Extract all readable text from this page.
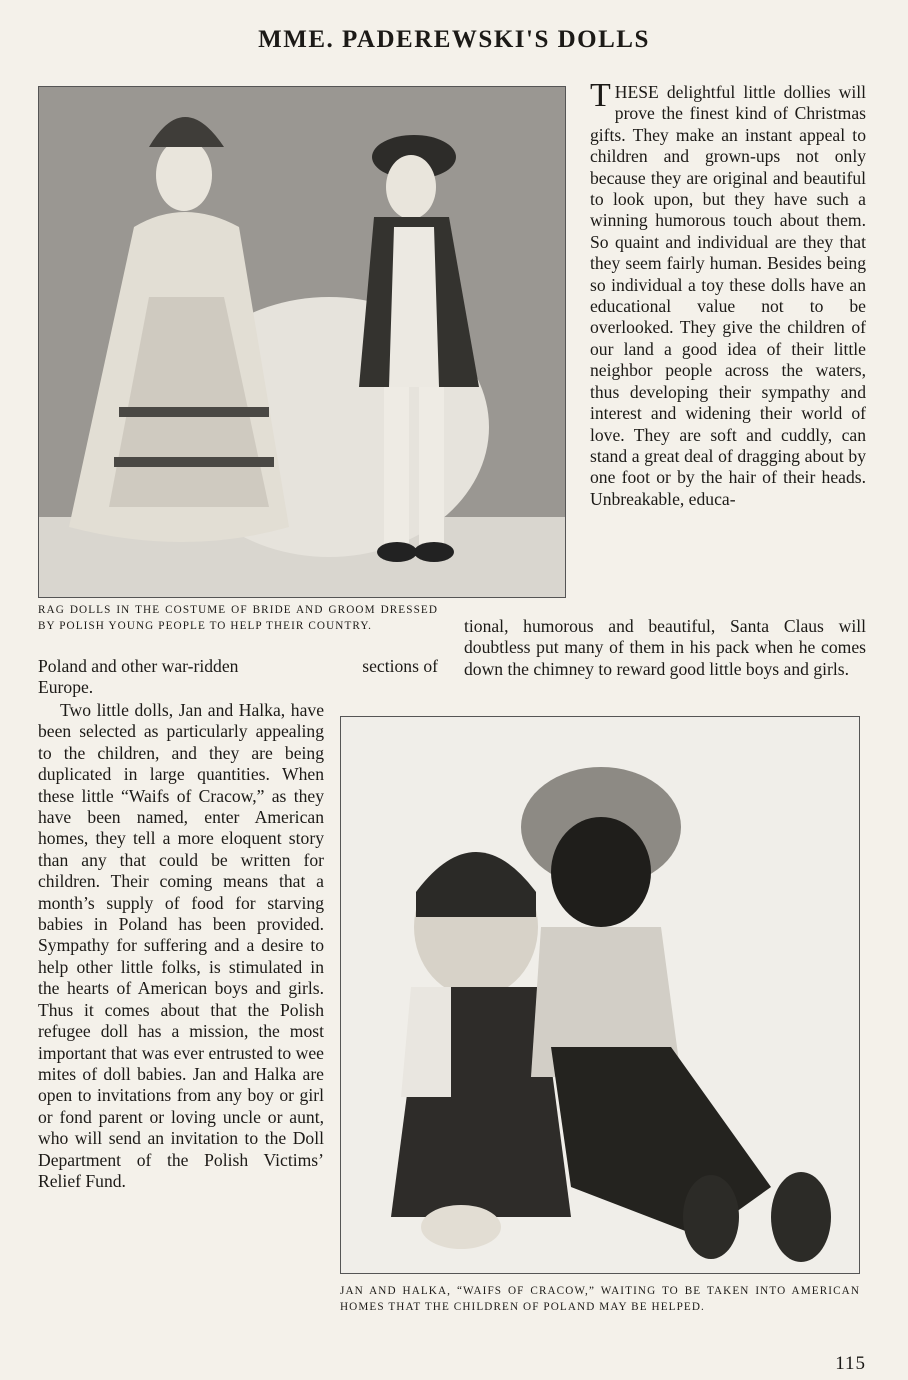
MME. PADEREWSKI'S DOLLS
RAG DOLLS IN THE COSTUME OF BRIDE AND GROOM DRESSED BY POLISH YOUNG PEOPLE TO HELP THEIR COUNTRY.

THESE delightful little dollies will prove the finest kind of Christmas gifts. They make an instant appeal to children and grown-ups not only because they are original and beautiful to look upon, but they have such a winning humorous touch about them. So quaint and individual are they that they seem fairly human. Besides being so individual a toy these dolls have an educational value not to be overlooked. They give the children of our land a good idea of their little neighbor people across the waters, thus developing their sympathy and interest and widening their world of love. They are soft and cuddly, can stand a great deal of dragging about by one foot or by the hair of their heads. Unbreakable, educa-

tional, humorous and beautiful, Santa Claus will doubtless put many of them in his pack when he comes down the chimney to reward good little boys and girls.
Poland and other war-ridden	sections of
Europe.
Two little dolls, Jan and Halka, have been selected as particularly appealing to the children, and they are being duplicated in large quantities. When these little “Waifs of Cracow,” as they have been named, enter American homes, they tell a more eloquent story than any that could be written for children. Their coming means that a month’s supply of food for starving babies in Poland has been provided. Sympathy for suffering and a desire to help other little folks, is stimulated in the hearts of American boys and girls. Thus it comes about that the Polish refugee doll has a mission, the most important that was ever entrusted to wee mites of doll babies. Jan and Halka are open to invitations from any boy or girl or fond parent or loving uncle or aunt, who will send an invitation to the Doll Department of the Polish Victims’ Relief Fund.
JAN AND HALKA, “WAIFS OF CRACOW,” WAITING TO BE TAKEN INTO AMERICAN HOMES THAT THE CHILDREN OF POLAND MAY BE HELPED.
115
